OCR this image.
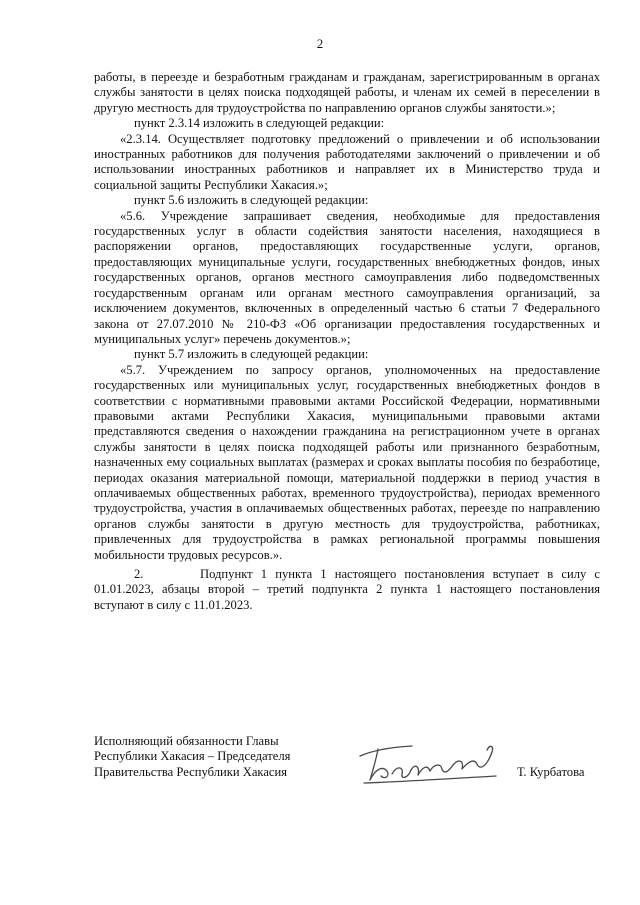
2

работы, в переезде и безработным гражданам и гражданам, зарегистрированным в органах службы занятости в целях поиска подходящей работы, и членам их семей в переселении в другую местность для трудоустройства по направлению органов службы занятости.»;

пункт 2.3.14 изложить в следующей редакции:

«2.3.14. Осуществляет подготовку предложений о привлечении и об использовании иностранных работников для получения работодателями заключений о привлечении и об использовании иностранных работников и направляет их в Министерство труда и социальной защиты Республики Хакасия.»;

пункт 5.6 изложить в следующей редакции:

«5.6. Учреждение запрашивает сведения, необходимые для предоставления государственных услуг в области содействия занятости населения, находящиеся в распоряжении органов, предоставляющих государственные услуги, органов, предоставляющих муниципальные услуги, государственных внебюджетных фондов, иных государственных органов, органов местного самоуправления либо подведомственных государственным органам или органам местного самоуправления организаций, за исключением документов, включенных в определенный частью 6 статьи 7 Федерального закона от 27.07.2010 № 210-ФЗ «Об организации предоставления государственных и муниципальных услуг» перечень документов.»;

пункт 5.7 изложить в следующей редакции:

«5.7. Учреждением по запросу органов, уполномоченных на предоставление государственных или муниципальных услуг, государственных внебюджетных фондов в соответствии с нормативными правовыми актами Российской Федерации, нормативными правовыми актами Республики Хакасия, муниципальными правовыми актами представляются сведения о нахождении гражданина на регистрационном учете в органах службы занятости в целях поиска подходящей работы или признанного безработным, назначенных ему социальных выплатах (размерах и сроках выплаты пособия по безработице, периодах оказания материальной помощи, материальной поддержки в период участия в оплачиваемых общественных работах, временного трудоустройства), периодах временного трудоустройства, участия в оплачиваемых общественных работах, переезде по направлению органов службы занятости в другую местность для трудоустройства, работниках, привлеченных для трудоустройства в рамках региональной программы повышения мобильности трудовых ресурсов.».

2.	Подпункт 1 пункта 1 настоящего постановления вступает в силу с 01.01.2023, абзацы второй – третий подпункта 2 пункта 1 настоящего постановления вступают в силу с 11.01.2023.

Исполняющий обязанности Главы
Республики Хакасия – Председателя
Правительства Республики Хакасия	Т. Курбатова
